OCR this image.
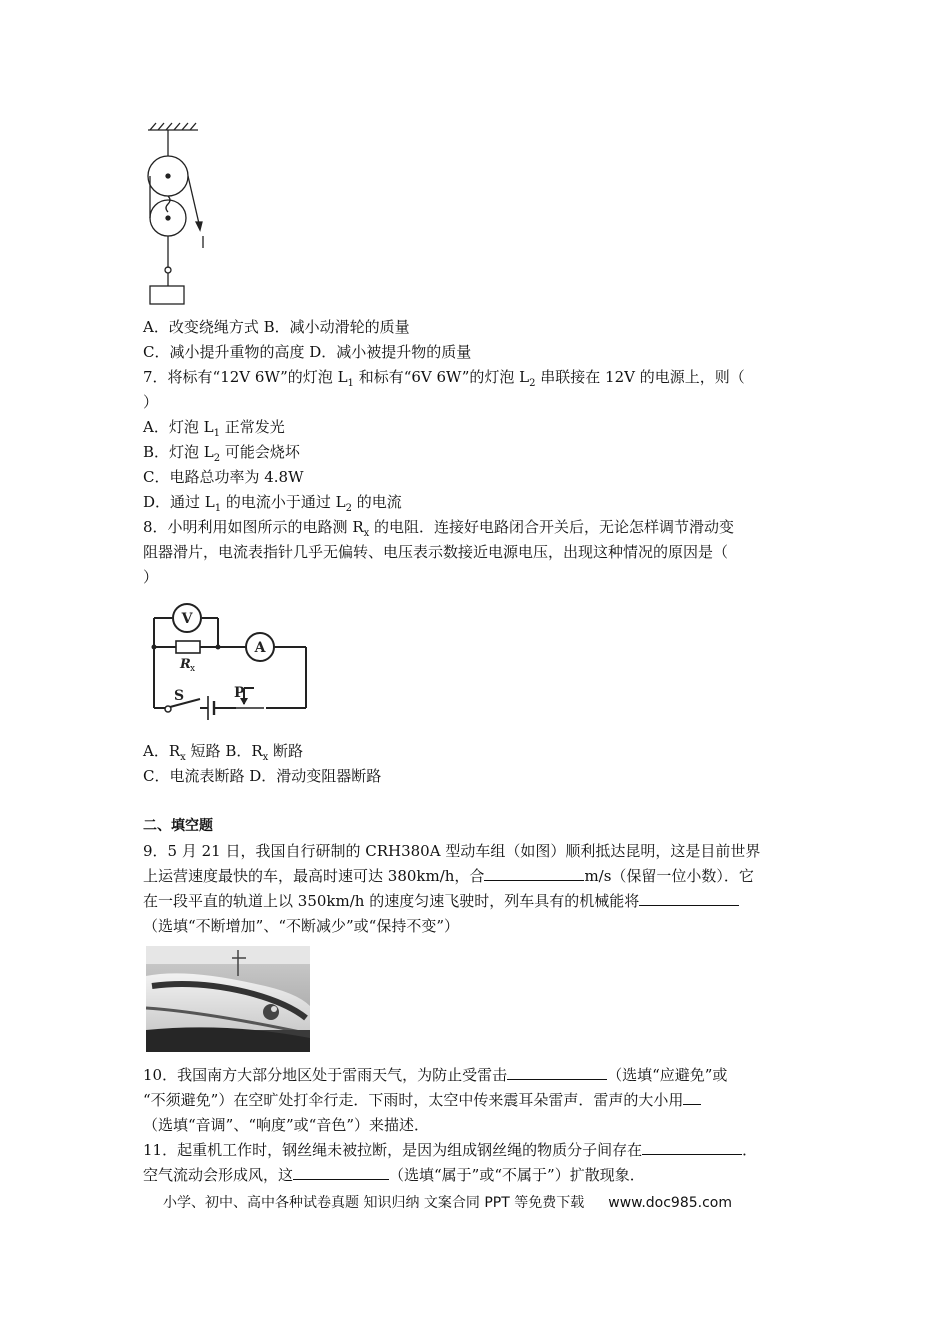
A．改变绕绳方式 B．减小动滑轮的质量
C．减小提升重物的高度 D．减小被提升物的质量
7．将标有“12V 6W”的灯泡 $L_1$ 和标有“6V 6W”的灯泡 $L_2$ 串联接在 12V 的电源上，则（
）
A．灯泡 $L_1$ 正常发光
B．灯泡 $L_2$ 可能会烧坏
C．电路总功率为 4.8W
D．通过 $L_1$ 的电流小于通过 $L_2$ 的电流
8．小明利用如图所示的电路测 $R_x$ 的电阻．连接好电路闭合开关后，无论怎样调节滑动变
阻器滑片，电流表指针几乎无偏转、电压表示数接近电源电压，出现这种情况的原因是（
）
V
A
R x
S	P
A．$R_x$ 短路 B．$R_x$ 断路
C．电流表断路 D．滑动变阻器断路
二、填空题
9．5 月 21 日，我国自行研制的 CRH380A 型动车组（如图）顺利抵达昆明，这是目前世界
上运营速度最快的车，最高时速可达 380km/h，合	m/s（保留一位小数）．它
在一段平直的轨道上以 350km/h 的速度匀速飞驶时，列车具有的机械能将
（选填“不断增加”、“不断减少”或“保持不变”）
10．我国南方大部分地区处于雷雨天气，为防止受雷击	（选填“应避免”或
“不须避免”）在空旷处打伞行走．下雨时，太空中传来震耳朵雷声．雷声的大小用
（选填“音调”、“响度”或“音色”）来描述．
11．起重机工作时，钢丝绳未被拉断，是因为组成钢丝绳的物质分子间存在	．
空气流动会形成风，这	（选填“属于”或“不属于”）扩散现象．
小学、初中、高中各种试卷真题 知识归纳 文案合同 PPT 等免费下载 www.doc985.com
